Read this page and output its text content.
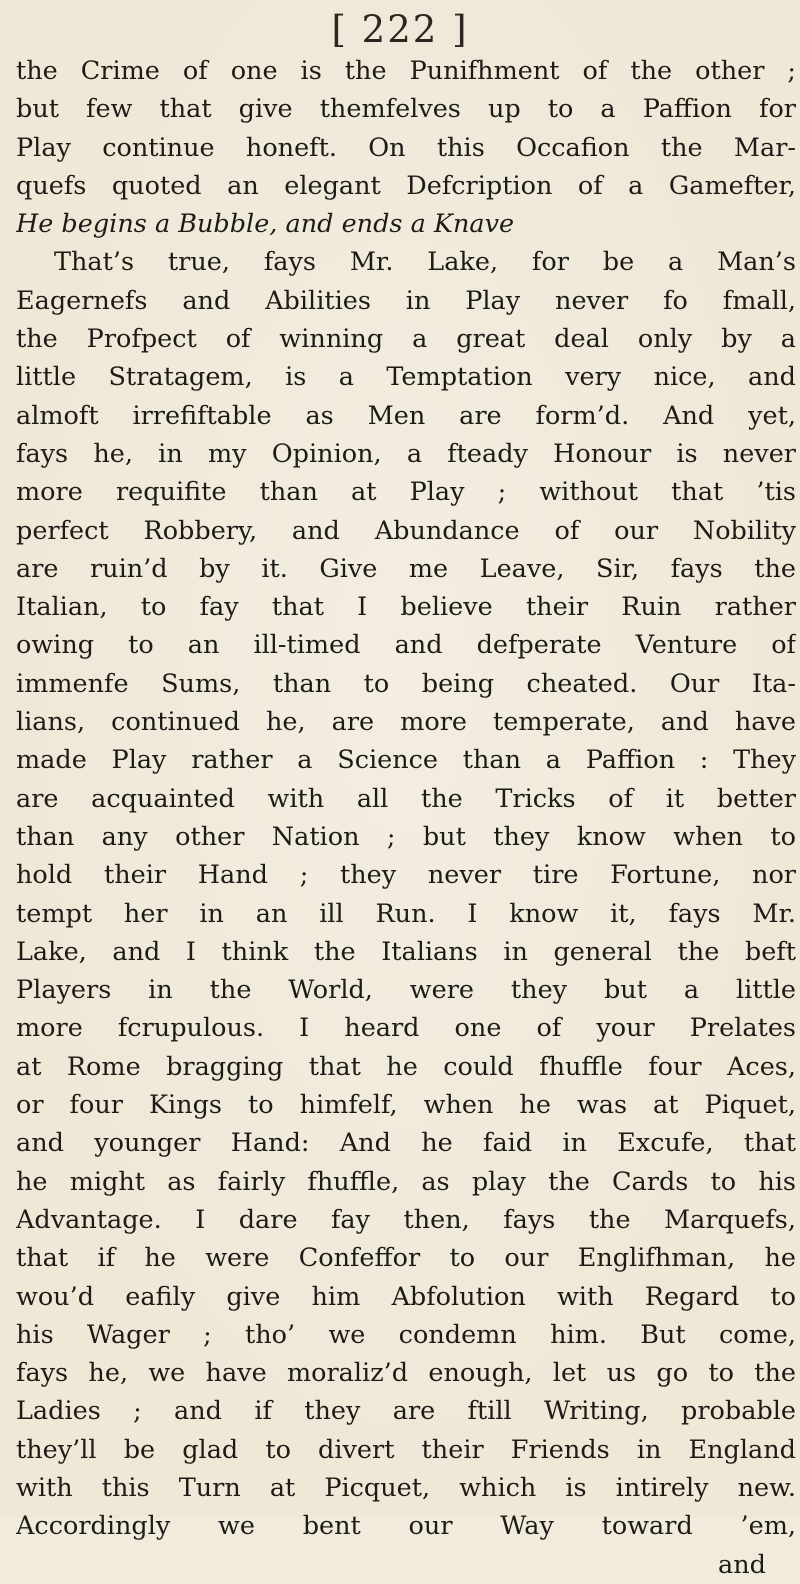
[ 222 ]
the Crime of one is the Punifhment of the other ;
but few that give themfelves up to a Paffion for
Play continue honeft. On this Occafion the Mar-
quefs quoted an elegant Defcription of a Gamefter,
He begins a Bubble, and ends a Knave
That’s true, fays Mr. Lake, for be a Man’s
Eagernefs and Abilities in Play never fo fmall,
the Profpect of winning a great deal only by a
little Stratagem, is a Temptation very nice, and
almoft irrefiftable as Men are form’d. And yet,
fays he, in my Opinion, a fteady Honour is never
more requifite than at Play ; without that ’tis
perfect Robbery, and Abundance of our Nobility
are ruin’d by it. Give me Leave, Sir, fays the
Italian, to fay that I believe their Ruin rather
owing to an ill-timed and defperate Venture of
immenfe Sums, than to being cheated. Our Ita-
lians, continued he, are more temperate, and have
made Play rather a Science than a Paffion : They
are acquainted with all the Tricks of it better
than any other Nation ; but they know when to
hold their Hand ; they never tire Fortune, nor
tempt her in an ill Run. I know it, fays Mr.
Lake, and I think the Italians in general the beft
Players in the World, were they but a little
more fcrupulous. I heard one of your Prelates
at Rome bragging that he could fhuffle four Aces,
or four Kings to himfelf, when he was at Piquet,
and younger Hand: And he faid in Excufe, that
he might as fairly fhuffle, as play the Cards to his
Advantage. I dare fay then, fays the Marquefs,
that if he were Confeffor to our Englifhman, he
wou’d eafily give him Abfolution with Regard to
his Wager ; tho’ we condemn him. But come,
fays he, we have moraliz’d enough, let us go to the
Ladies ; and if they are ftill Writing, probable
they’ll be glad to divert their Friends in England
with this Turn at Picquet, which is intirely new.
Accordingly we bent our Way toward ’em,
and
